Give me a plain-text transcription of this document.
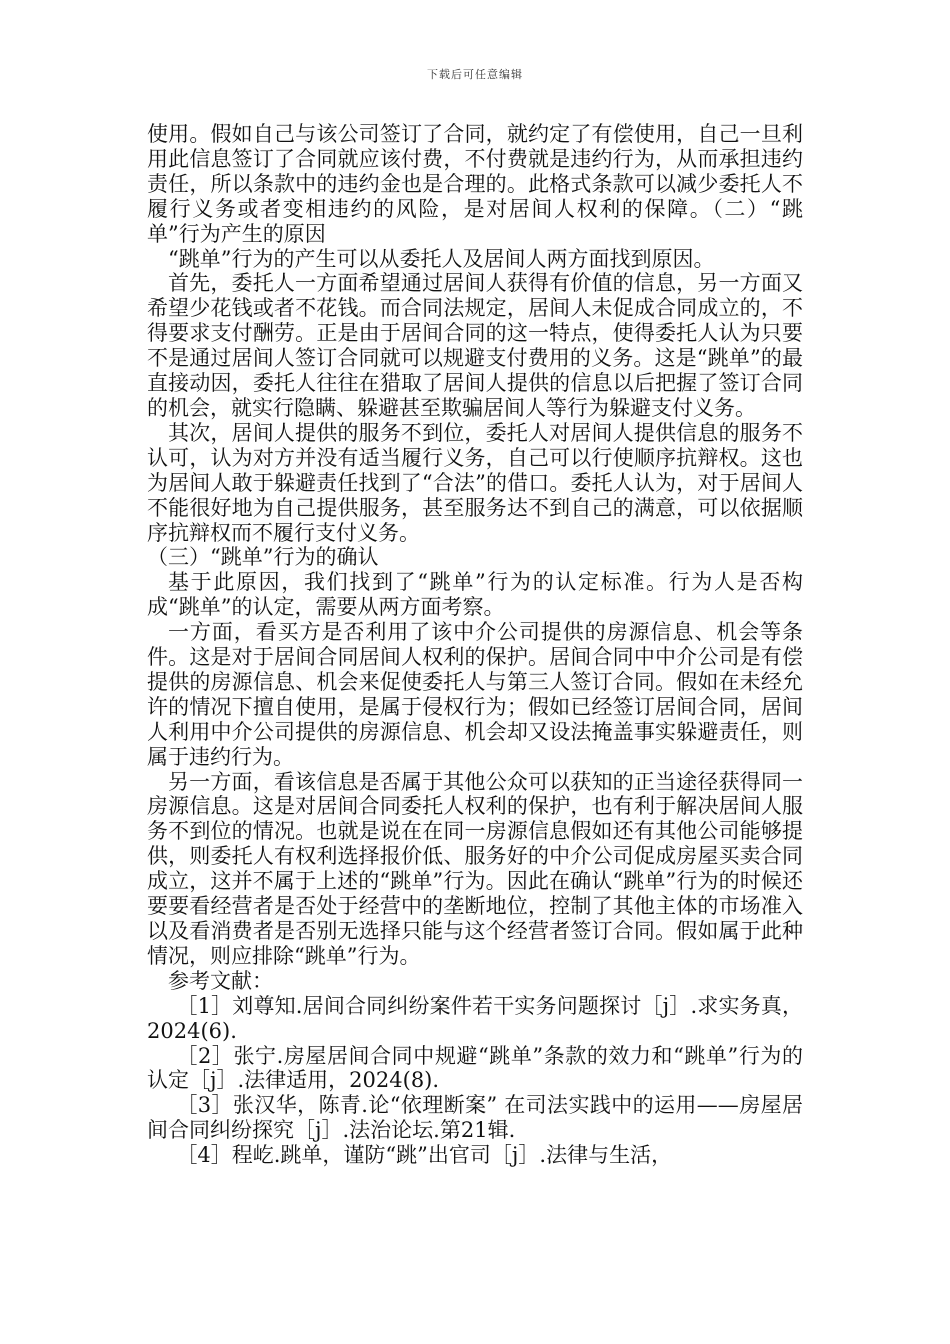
下载后可任意编辑

使用。假如自己与该公司签订了合同，就约定了有偿使用，自己一旦利用此信息签订了合同就应该付费，不付费就是违约行为，从而承担违约责任，所以条款中的违约金也是合理的。此格式条款可以减少委托人不履行义务或者变相违约的风险，是对居间人权利的保障。（二）“跳单”行为产生的原因

“跳单”行为的产生可以从委托人及居间人两方面找到原因。

首先，委托人一方面希望通过居间人获得有价值的信息，另一方面又希望少花钱或者不花钱。而合同法规定，居间人未促成合同成立的，不得要求支付酬劳。正是由于居间合同的这一特点，使得委托人认为只要不是通过居间人签订合同就可以规避支付费用的义务。这是“跳单”的最直接动因，委托人往往在猎取了居间人提供的信息以后把握了签订合同的机会，就实行隐瞒、躲避甚至欺骗居间人等行为躲避支付义务。

其次，居间人提供的服务不到位，委托人对居间人提供信息的服务不认可，认为对方并没有适当履行义务，自己可以行使顺序抗辩权。这也为居间人敢于躲避责任找到了“合法”的借口。委托人认为，对于居间人不能很好地为自己提供服务，甚至服务达不到自己的满意，可以依据顺序抗辩权而不履行支付义务。

（三）“跳单”行为的确认

基于此原因，我们找到了“跳单”行为的认定标准。行为人是否构成“跳单”的认定，需要从两方面考察。

一方面，看买方是否利用了该中介公司提供的房源信息、机会等条件。这是对于居间合同居间人权利的保护。居间合同中中介公司是有偿提供的房源信息、机会来促使委托人与第三人签订合同。假如在未经允许的情况下擅自使用，是属于侵权行为；假如已经签订居间合同，居间人利用中介公司提供的房源信息、机会却又设法掩盖事实躲避责任，则属于违约行为。

另一方面，看该信息是否属于其他公众可以获知的正当途径获得同一房源信息。这是对居间合同委托人权利的保护，也有利于解决居间人服务不到位的情况。也就是说在在同一房源信息假如还有其他公司能够提供，则委托人有权利选择报价低、服务好的中介公司促成房屋买卖合同成立，这并不属于上述的“跳单”行为。因此在确认“跳单”行为的时候还要要看经营者是否处于经营中的垄断地位，控制了其他主体的市场准入以及看消费者是否别无选择只能与这个经营者签订合同。假如属于此种情况，则应排除“跳单”行为。

参考文献：

［1］刘尊知.居间合同纠纷案件若干实务问题探讨［j］.求实务真，2024(6).

［2］张宁.房屋居间合同中规避“跳单”条款的效力和“跳单”行为的认定［j］.法律适用，2024(8).

［3］张汉华，陈青.论“依理断案” 在司法实践中的运用——房屋居间合同纠纷探究［j］.法治论坛.第21辑.

［4］程屹.跳单，谨防“跳”出官司［j］.法律与生活，
